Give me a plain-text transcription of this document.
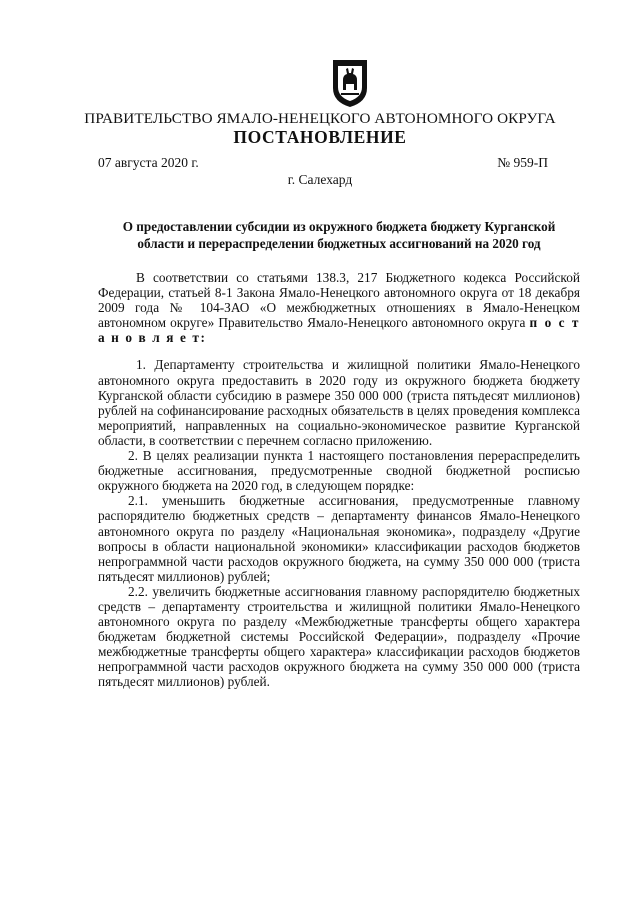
ПРАВИТЕЛЬСТВО ЯМАЛО-НЕНЕЦКОГО АВТОНОМНОГО ОКРУГА
ПОСТАНОВЛЕНИЕ
07 августа 2020 г.	№ 959-П
г. Салехард
О предоставлении субсидии из окружного бюджета бюджету Курганской области и перераспределении бюджетных ассигнований на 2020 год

В соответствии со статьями 138.3, 217 Бюджетного кодекса Российской Федерации, статьей 8-1 Закона Ямало-Ненецкого автономного округа от 18 декабря 2009 года № 104-ЗАО «О межбюджетных отношениях в Ямало-Ненецком автономном округе» Правительство Ямало-Ненецкого автономного округа п о с т а н о в л я е т:

1. Департаменту строительства и жилищной политики Ямало-Ненецкого автономного округа предоставить в 2020 году из окружного бюджета бюджету Курганской области субсидию в размере 350 000 000 (триста пятьдесят миллионов) рублей на софинансирование расходных обязательств в целях проведения комплекса мероприятий, направленных на социально-экономическое развитие Курганской области, в соответствии с перечнем согласно приложению.

2. В целях реализации пункта 1 настоящего постановления перераспределить бюджетные ассигнования, предусмотренные сводной бюджетной росписью окружного бюджета на 2020 год, в следующем порядке:

2.1. уменьшить бюджетные ассигнования, предусмотренные главному распорядителю бюджетных средств – департаменту финансов Ямало-Ненецкого автономного округа по разделу «Национальная экономика», подразделу «Другие вопросы в области национальной экономики» классификации расходов бюджетов непрограммной части расходов окружного бюджета, на сумму 350 000 000 (триста пятьдесят миллионов) рублей;

2.2. увеличить бюджетные ассигнования главному распорядителю бюджетных средств – департаменту строительства и жилищной политики Ямало-Ненецкого автономного округа по разделу «Межбюджетные трансферты общего характера бюджетам бюджетной системы Российской Федерации», подразделу «Прочие межбюджетные трансферты общего характера» классификации расходов бюджетов непрограммной части расходов окружного бюджета на сумму 350 000 000 (триста пятьдесят миллионов) рублей.
